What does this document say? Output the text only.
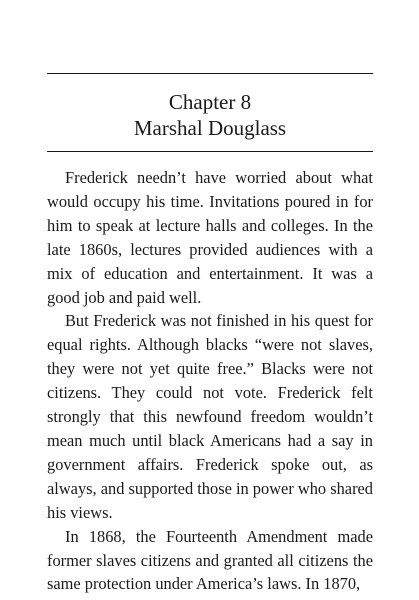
Chapter 8
Marshal Douglass

Frederick needn’t have worried about what would occupy his time. Invitations poured in for him to speak at lecture halls and colleges. In the late 1860s, lectures provided audiences with a mix of education and entertainment. It was a good job and paid well.

But Frederick was not finished in his quest for equal rights. Although blacks “were not slaves, they were not yet quite free.” Blacks were not citizens. They could not vote. Frederick felt strongly that this newfound freedom wouldn’t mean much until black Americans had a say in government affairs. Frederick spoke out, as always, and supported those in power who shared his views.

In 1868, the Fourteenth Amendment made former slaves citizens and granted all citizens the same protection under America’s laws. In 1870,
